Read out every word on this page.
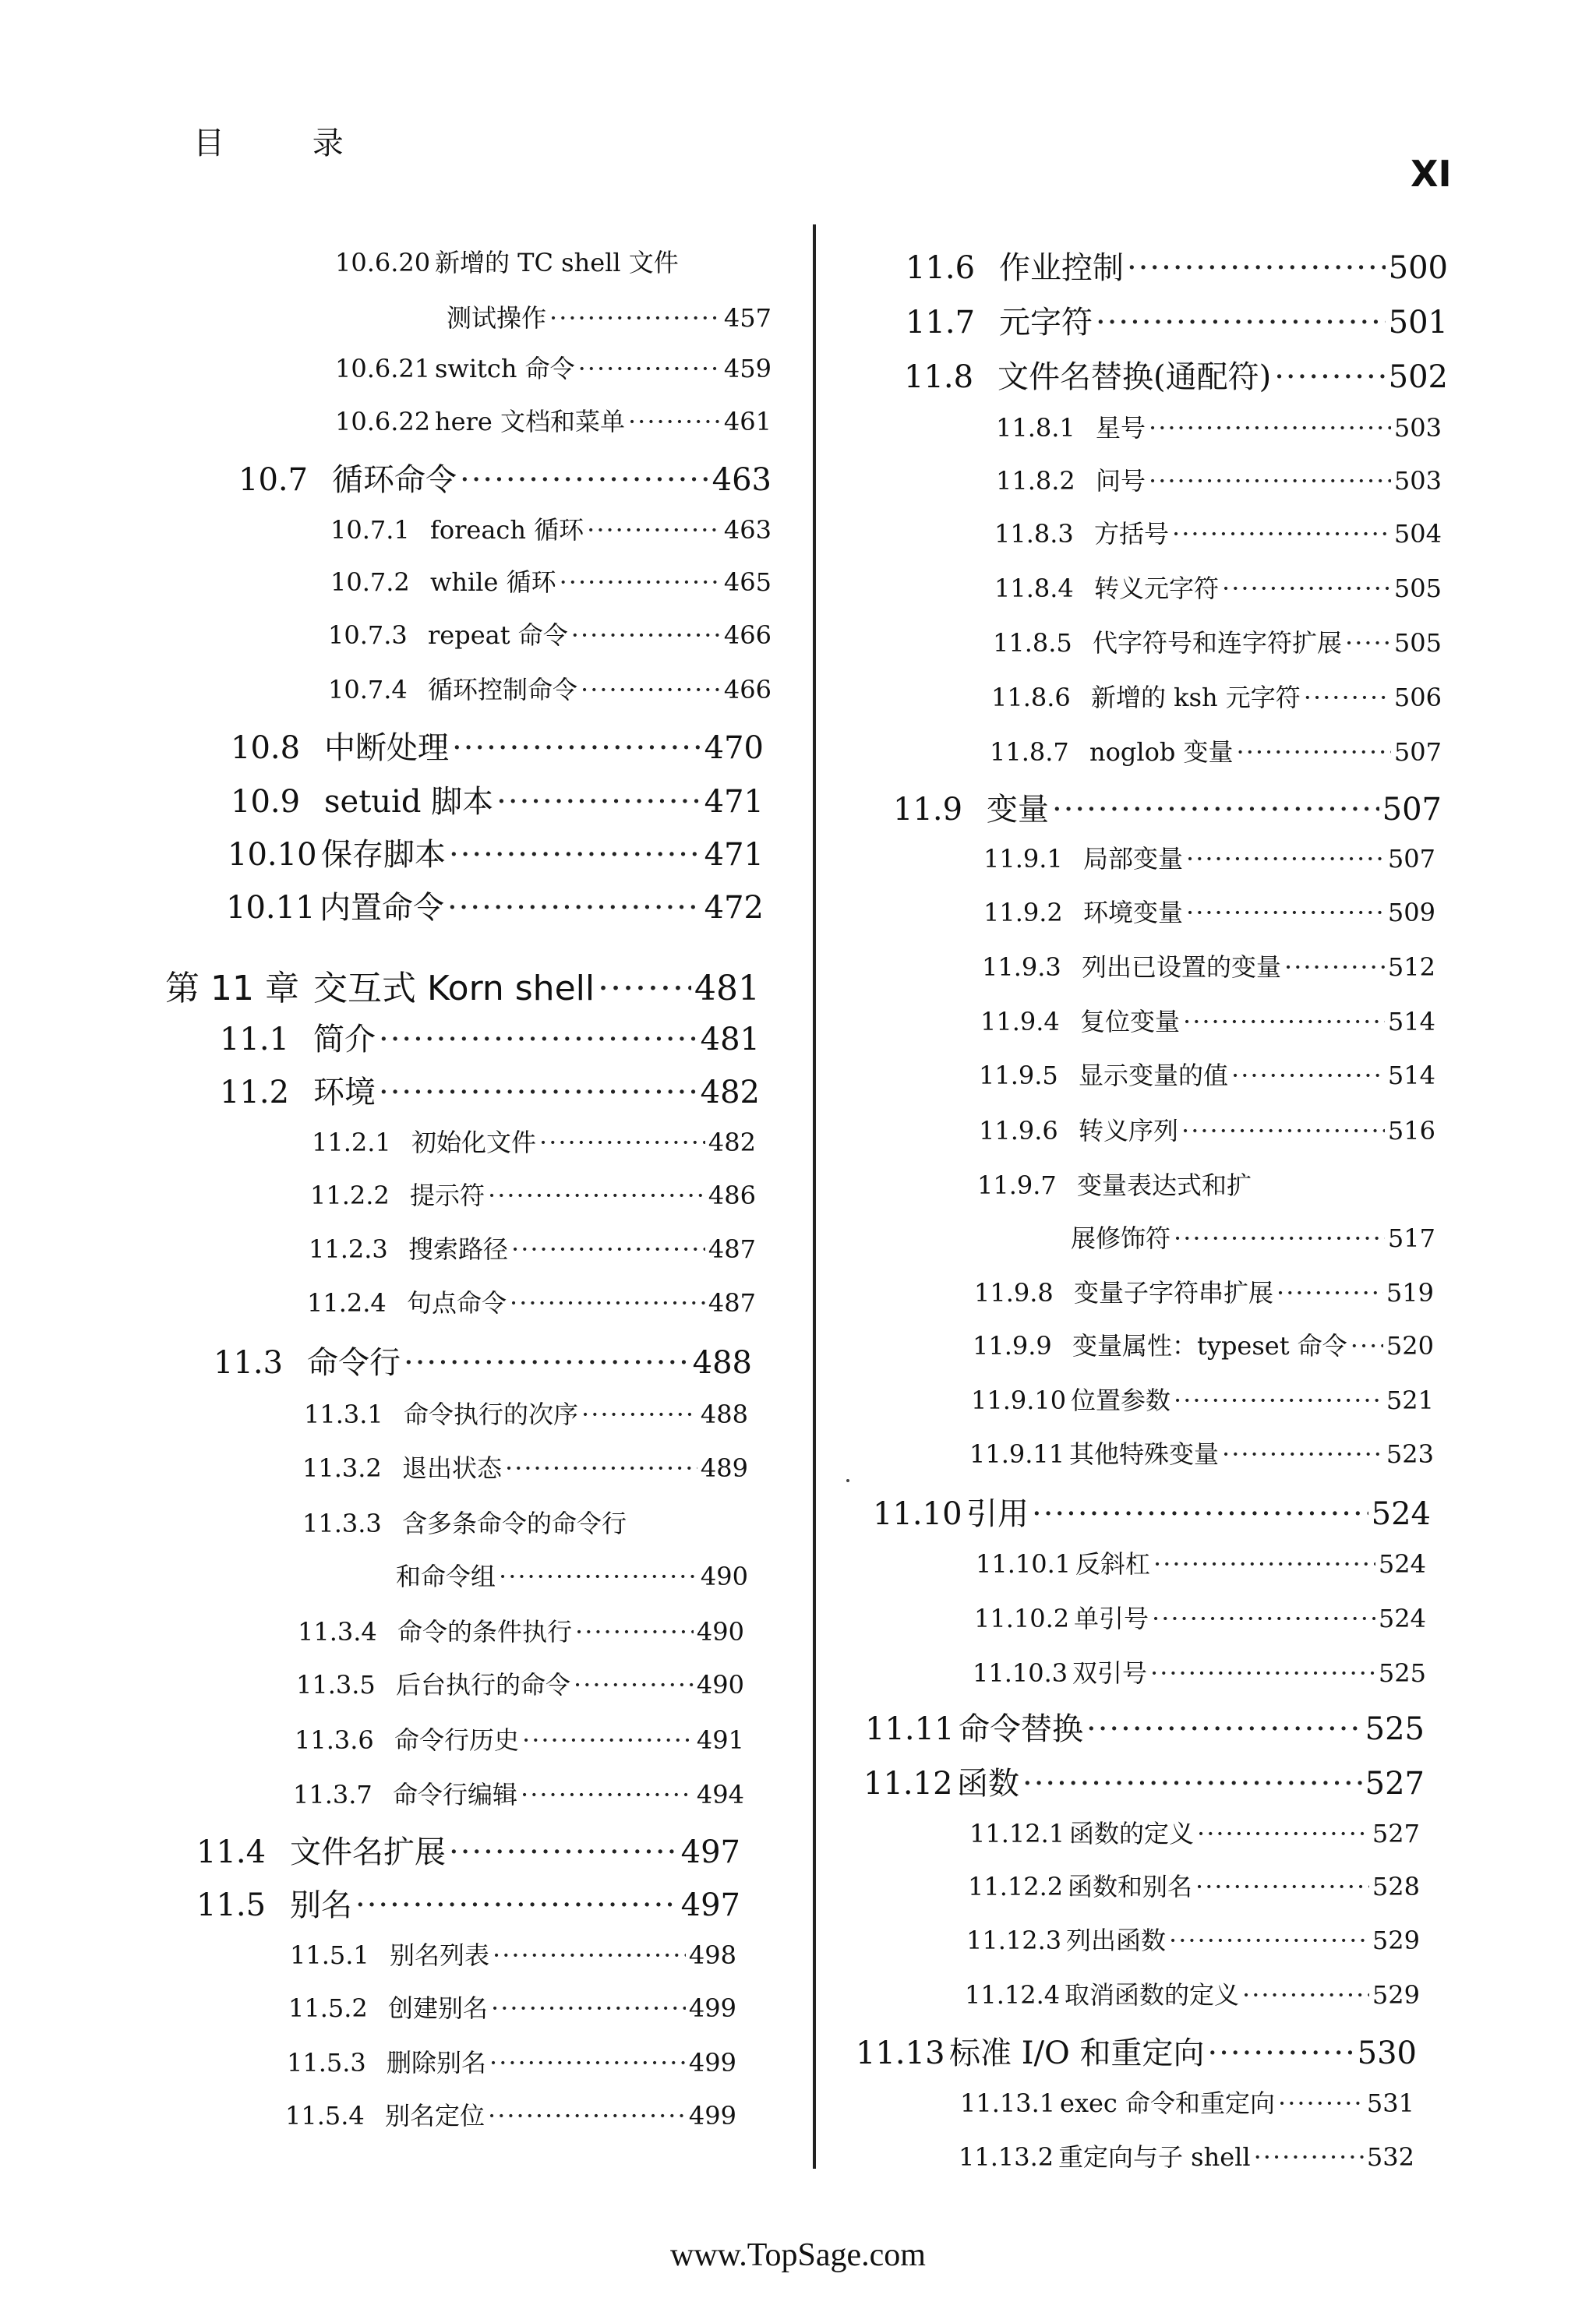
目 录
XI
10.6.20 新增的 TC shell 文件
测试操作 ·····	457
10.6.21 switch 命令 ·····	459
10.6.22 here 文档和菜单 ·····	461
10.7 循环命令 ·····	463
10.7.1 foreach 循环 ·····	463
10.7.2 while 循环 ·····	465
10.7.3 repeat 命令 ·····	466
10.7.4 循环控制命令 ·····	466
10.8 中断处理 ·····	470
10.9 setuid 脚本 ·····	471
10.10 保存脚本 ·····	471
10.11 内置命令 ·····	472
第 11 章 交互式 Korn shell ·····	481
11.1 简介 ·····	481
11.2 环境 ·····	482
11.2.1 初始化文件 ·····	482
11.2.2 提示符 ·····	486
11.2.3 搜索路径 ·····	487
11.2.4 句点命令 ·····	487
11.3 命令行 ·····	488
11.3.1 命令执行的次序 ·····	488
11.3.2 退出状态 ·····	489
11.3.3 含多条命令的命令行
和命令组 ·····	490
11.3.4 命令的条件执行 ·····	490
11.3.5 后台执行的命令 ·····	490
11.3.6 命令行历史 ·····	491
11.3.7 命令行编辑 ·····	494
11.4 文件名扩展 ·····	497
11.5 别名 ·····	497
11.5.1 别名列表 ·····	498
11.5.2 创建别名 ·····	499
11.5.3 删除别名 ·····	499
11.5.4 别名定位 ·····	499
11.6 作业控制 ·····	500
11.7 元字符 ·····	501
11.8 文件名替换(通配符) ·····	502
11.8.1 星号 ·····	503
11.8.2 问号 ·····	503
11.8.3 方括号 ·····	504
11.8.4 转义元字符 ·····	505
11.8.5 代字符号和连字符扩展 ····· 505
11.8.6 新增的 ksh 元字符 ·····	506
11.8.7 noglob 变量 ·····	507
11.9 变量 ·····	507
11.9.1 局部变量 ·····	507
11.9.2 环境变量 ·····	509
11.9.3 列出已设置的变量 ·····	512
11.9.4 复位变量 ·····	514
11.9.5 显示变量的值 ·····	514
11.9.6 转义序列 ·····	516
11.9.7 变量表达式和扩
展修饰符 ·····	517
11.9.8 变量子字符串扩展 ·····	519
11.9.9 变量属性：typeset 命令 ····· 520
11.9.10 位置参数 ·····	521
11.9.11 其他特殊变量 ·····	523
11.10 引用 ·····	524
11.10.1 反斜杠 ·····	524
11.10.2 单引号 ·····	524
11.10.3 双引号 ·····	525
11.11 命令替换 ·····	525
11.12 函数 ·····	527
11.12.1 函数的定义 ·····	527
11.12.2 函数和别名 ·····	528
11.12.3 列出函数 ·····	529
11.12.4 取消函数的定义 ·····	529
11.13 标准 I/O 和重定向 ·····	530
11.13.1 exec 命令和重定向 ·····	531
11.13.2 重定向与子 shell ·····	532
www.TopSage.com
